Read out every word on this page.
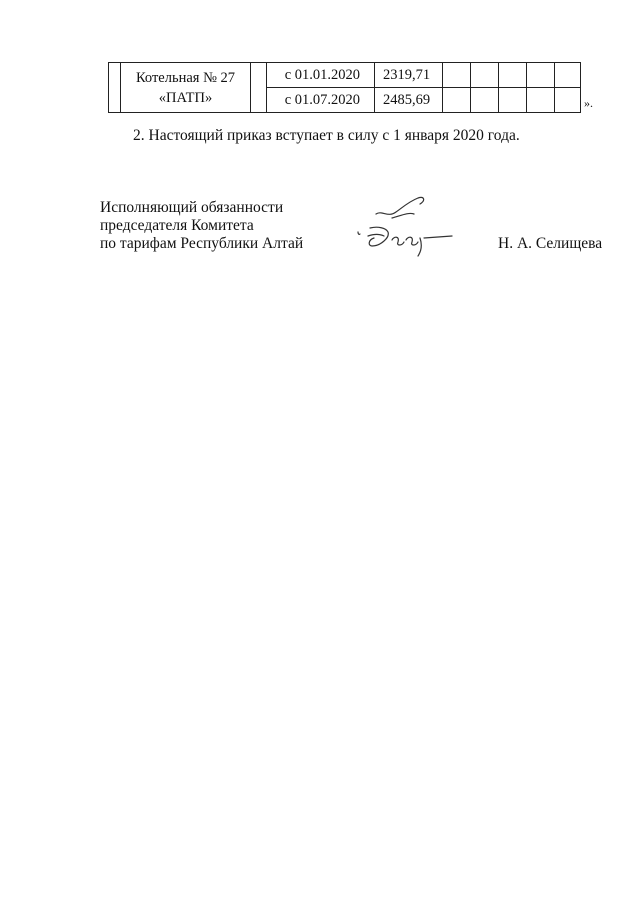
	Котельная № 27
«ПАТП»		с 01.01.2020	2319,71					
			с 01.07.2020	2485,69						».

2. Настоящий приказ вступает в силу с 1 января 2020 года.

Исполняющий обязанности
председателя Комитета
по тарифам Республики Алтай	Н. А. Селищева
